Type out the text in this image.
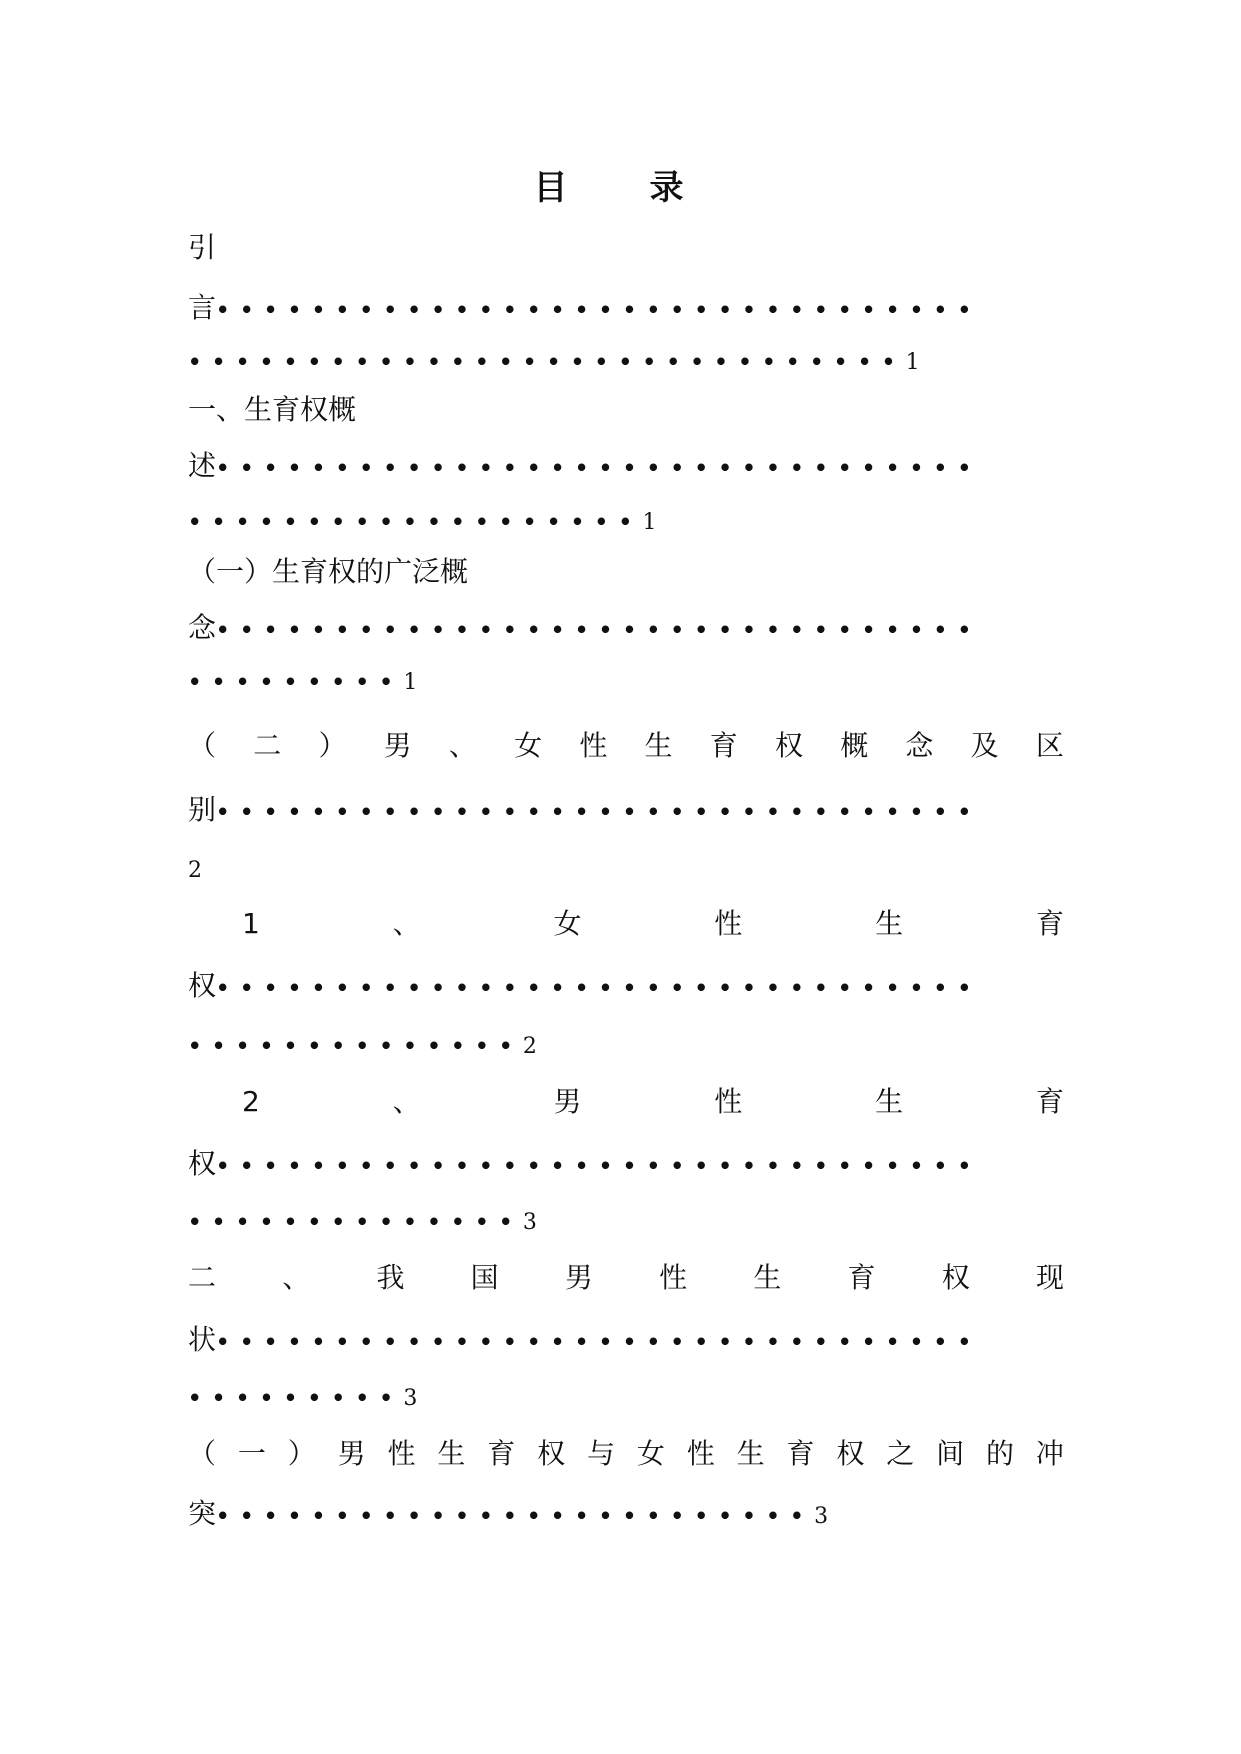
目　录
引
言••••••••••••••••••••••••••••••••
••••••••••••••••••••••••••••••1
一、生育权概
述••••••••••••••••••••••••••••••••
•••••••••••••••••••1
（一）生育权的广泛概
念••••••••••••••••••••••••••••••••
•••••••••1
（ 二 ） 男 、 女 性 生 育 权 概 念 及 区
别••••••••••••••••••••••••••••••••
2
1	、	女	性	生	育
权••••••••••••••••••••••••••••••••
••••••••••••••2
2	、	男	性	生	育
权••••••••••••••••••••••••••••••••
••••••••••••••3
二 、 我 国 男 性 生 育 权 现
状••••••••••••••••••••••••••••••••
•••••••••3
（ 一 ） 男 性 生 育 权 与 女 性 生 育 权 之 间 的 冲
突•••••••••••••••••••••••••3
